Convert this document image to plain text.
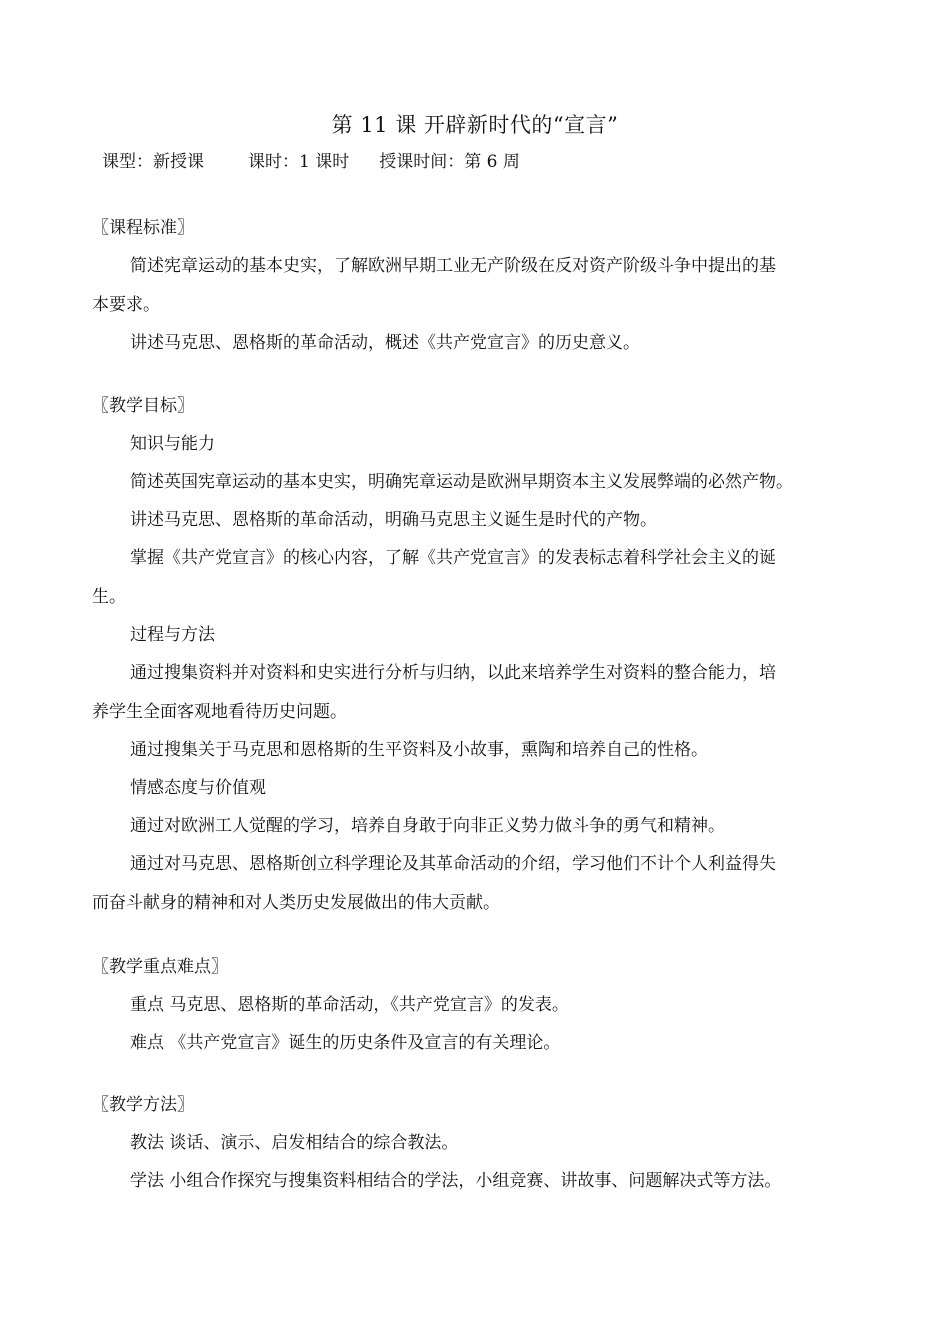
第 11 课 开辟新时代的“宣言”
课型：新授课	课时：1 课时 授课时间：第 6 周
〖课程标准〗
简述宪章运动的基本史实，了解欧洲早期工业无产阶级在反对资产阶级斗争中提出的基
本要求。
讲述马克思、恩格斯的革命活动，概述《共产党宣言》的历史意义。
〖教学目标〗
知识与能力
简述英国宪章运动的基本史实，明确宪章运动是欧洲早期资本主义发展弊端的必然产物。
讲述马克思、恩格斯的革命活动，明确马克思主义诞生是时代的产物。
掌握《共产党宣言》的核心内容，了解《共产党宣言》的发表标志着科学社会主义的诞
生。
过程与方法
通过搜集资料并对资料和史实进行分析与归纳，以此来培养学生对资料的整合能力，培
养学生全面客观地看待历史问题。
通过搜集关于马克思和恩格斯的生平资料及小故事，熏陶和培养自己的性格。
情感态度与价值观
通过对欧洲工人觉醒的学习，培养自身敢于向非正义势力做斗争的勇气和精神。
通过对马克思、恩格斯创立科学理论及其革命活动的介绍，学习他们不计个人利益得失
而奋斗献身的精神和对人类历史发展做出的伟大贡献。
〖教学重点难点〗
重点 马克思、恩格斯的革命活动，《共产党宣言》的发表。
难点 《共产党宣言》诞生的历史条件及宣言的有关理论。
〖教学方法〗
教法 谈话、演示、启发相结合的综合教法。
学法 小组合作探究与搜集资料相结合的学法，小组竞赛、讲故事、问题解决式等方法。
